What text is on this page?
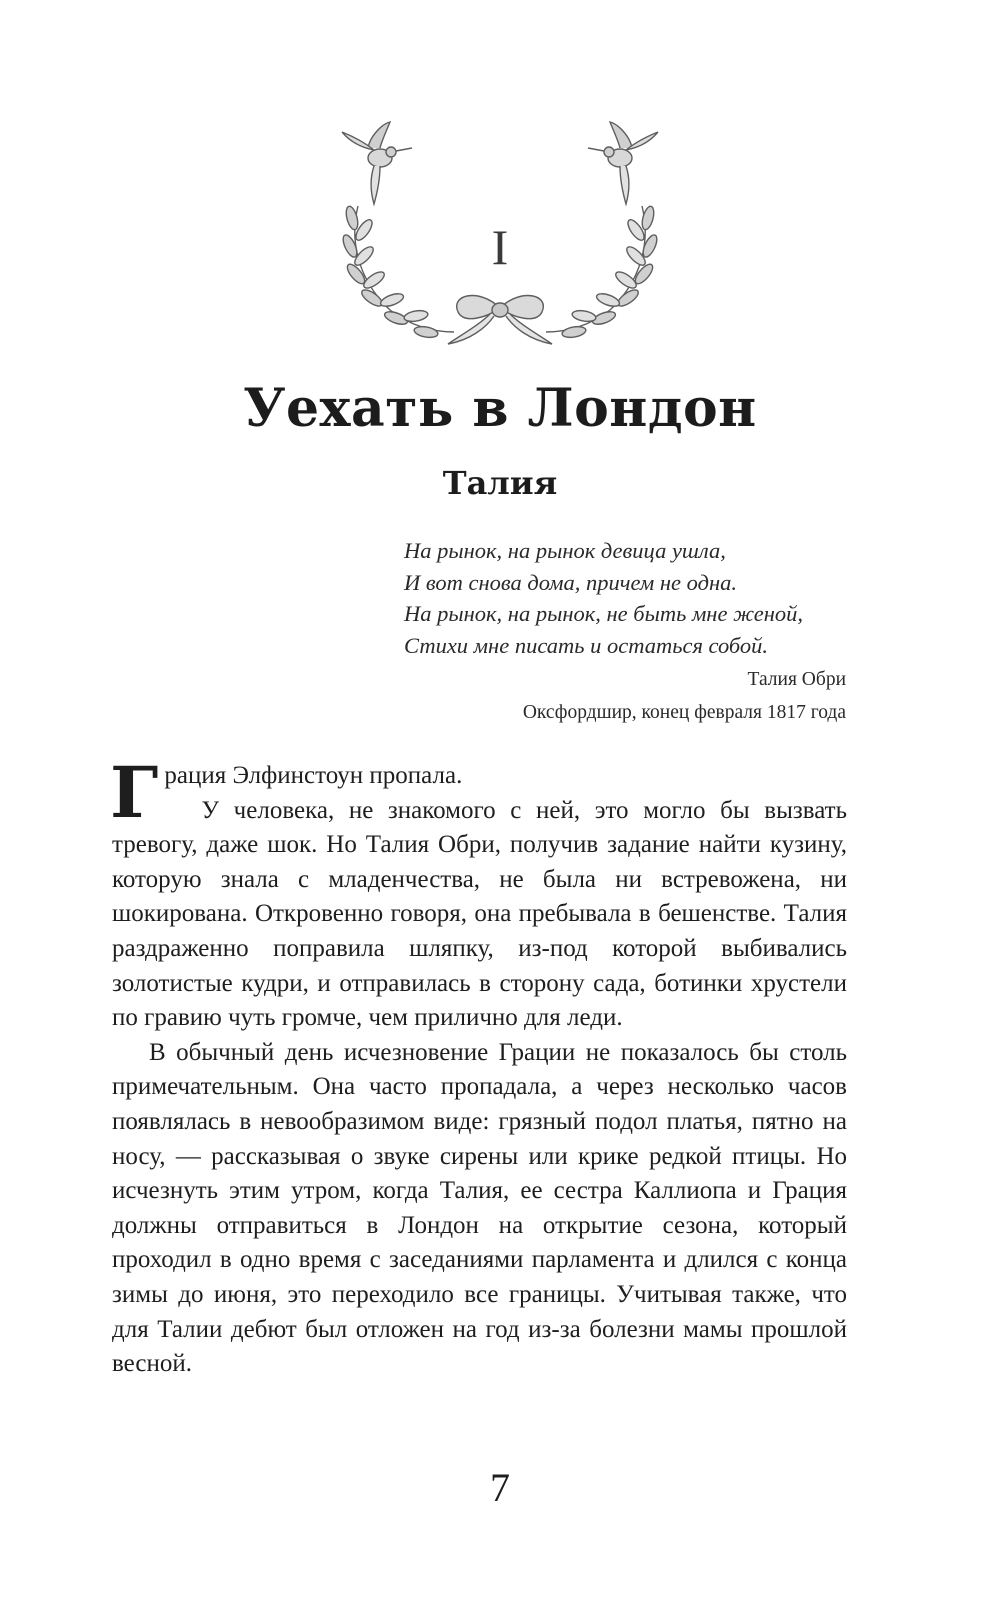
I
Уехать в Лондон
Талия
На рынок, на рынок девица ушла,
И вот снова дома, причем не одна.
На рынок, на рынок, не быть мне женой,
Стихи мне писать и остаться собой.
Талия Обри
Оксфордшир, конец февраля 1817 года

Грация Элфинстоун пропала.

У человека, не знакомого с ней, это могло бы вызвать тревогу, даже шок. Но Талия Обри, получив задание найти кузину, которую знала с младенчества, не была ни встревожена, ни шокирована. Откровенно говоря, она пребывала в бешенстве. Талия раздраженно поправила шляпку, из-под которой выбивались золотистые кудри, и отправилась в сторону сада, ботинки хрустели по гравию чуть громче, чем прилично для леди.

В обычный день исчезновение Грации не показалось бы столь примечательным. Она часто пропадала, а через несколько часов появлялась в невообразимом виде: грязный подол платья, пятно на носу, — рассказывая о звуке сирены или крике редкой птицы. Но исчезнуть этим утром, когда Талия, ее сестра Каллиопа и Грация должны отправиться в Лондон на открытие сезона, который проходил в одно время с заседаниями парламента и длился с конца зимы до июня, это переходило все границы. Учитывая также, что для Талии дебют был отложен на год из-за болезни мамы прошлой весной.

7
